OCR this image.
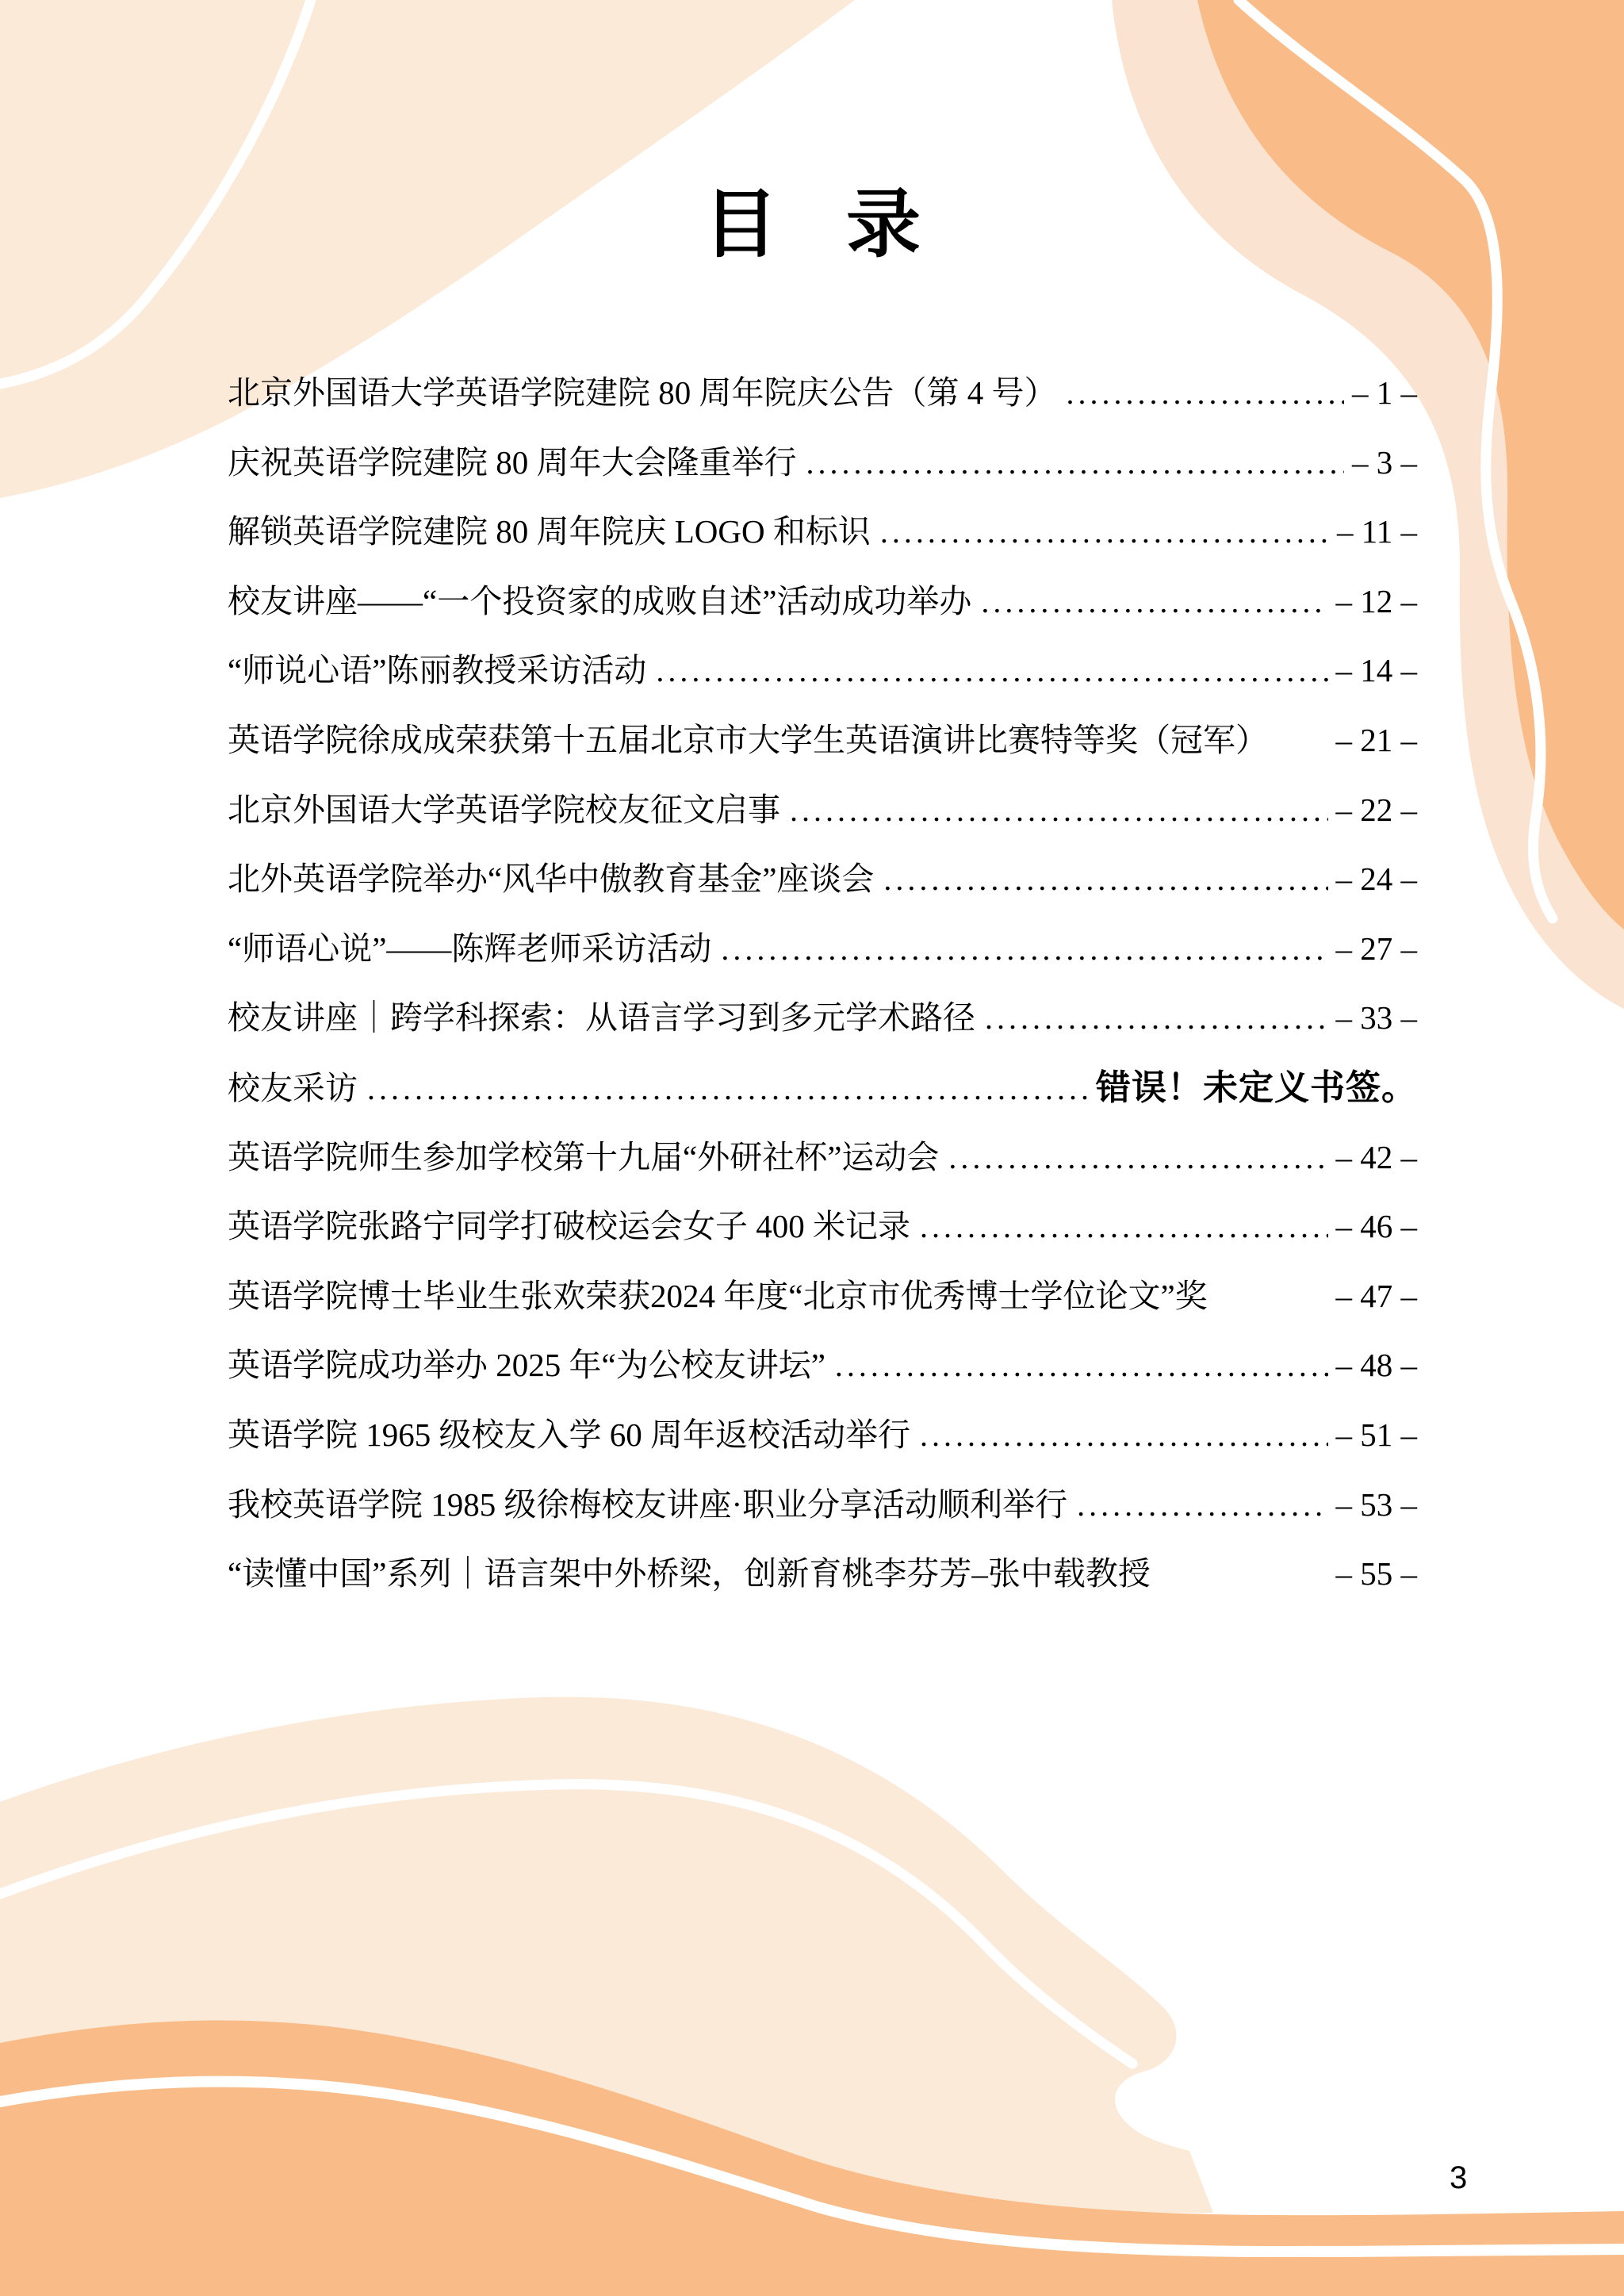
目 录
北京外国语大学英语学院建院 80 周年院庆公告（第 4 号） .....	– 1 –
庆祝英语学院建院 80 周年大会隆重举行 .....	– 3 –
解锁英语学院建院 80 周年院庆 LOGO 和标识 .....	– 11 –
校友讲座——“一个投资家的成败自述”活动成功举办 .....	– 12 –
“师说心语”陈丽教授采访活动 .....	– 14 –
英语学院徐成成荣获第十五届北京市大学生英语演讲比赛特等奖（冠军） – 21 –
北京外国语大学英语学院校友征文启事 .....	– 22 –
北外英语学院举办“风华中傲教育基金”座谈会 .....	– 24 –
“师语心说”——陈辉老师采访活动 .....	– 27 –
校友讲座｜跨学科探索：从语言学习到多元学术路径 .....	– 33 –
校友采访 .....	错误！未定义书签。
英语学院师生参加学校第十九届“外研社杯”运动会 .....	– 42 –
英语学院张路宁同学打破校运会女子 400 米记录 .....	– 46 –
英语学院博士毕业生张欢荣获2024 年度“北京市优秀博士学位论文”奖	– 47 –
英语学院成功举办 2025 年“为公校友讲坛” .....	– 48 –
英语学院 1965 级校友入学 60 周年返校活动举行 .....	– 51 –
我校英语学院 1985 级徐梅校友讲座·职业分享活动顺利举行 .....	– 53 –
“读懂中国”系列｜语言架中外桥梁，创新育桃李芬芳–张中载教授	– 55 –
3
